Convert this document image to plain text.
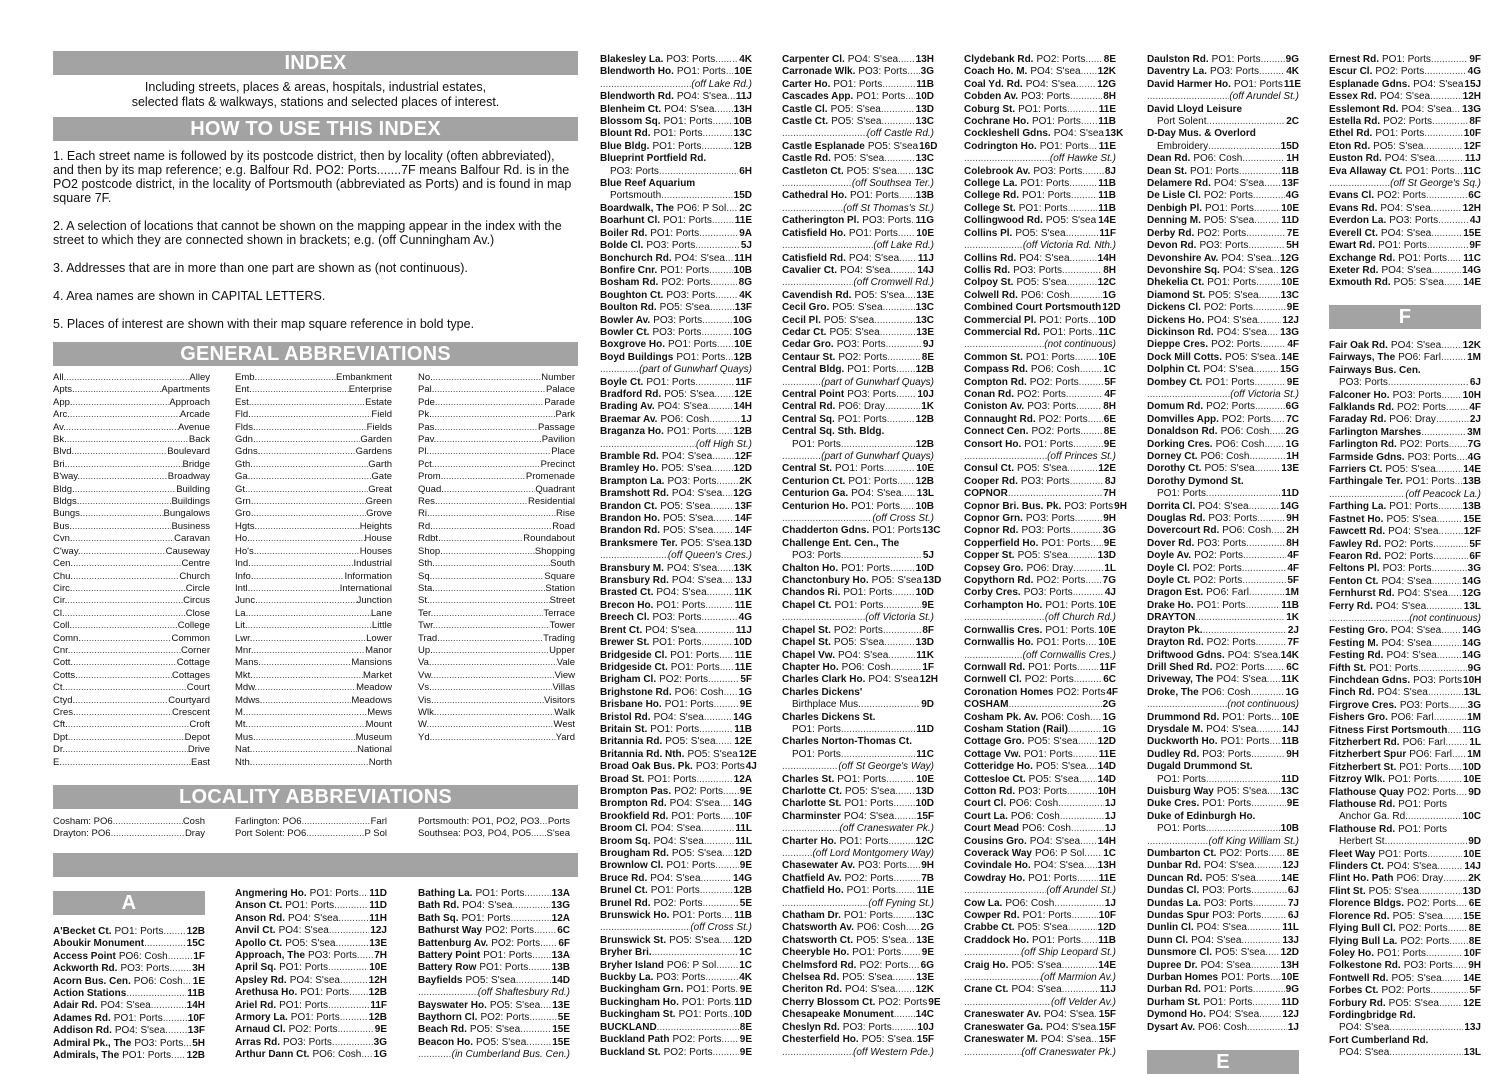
INDEX
Including streets, places & areas, hospitals, industrial estates,
selected flats & walkways, stations and selected places of interest.
HOW TO USE THIS INDEX

1. Each street name is followed by its postcode district, then by locality (often abbreviated), and then by its map reference; e.g. Balfour Rd. PO2: Ports.......7F means Balfour Rd. is in the PO2 postcode district, in the locality of Portsmouth (abbreviated as Ports) and is found in map square 7F.

2. A selection of locations that cannot be shown on the mapping appear in the index with the street to which they are connected shown in brackets; e.g. (off Cunningham Av.)

3. Addresses that are in more than one part are shown as (not continuous).

4. Area names are shown in CAPITAL LETTERS.

5. Places of interest are shown with their map square reference in bold type.

GENERAL ABBREVIATIONS
All. .....	Alley
Apts. .....	Apartments
App. .....	Approach
Arc. .....	Arcade
Av. .....	Avenue
Bk. .....	Back
Blvd. .....	Boulevard
Bri. .....	Bridge
B'way. .....	Broadway
Bldg. .....	Building
Bldgs. .....	Buildings
Bungs. .....	Bungalows
Bus. .....	Business
Cvn. .....	Caravan
C'way. .....	Causeway
Cen. .....	Centre
Chu. .....	Church
Circ. .....	Circle
Cir. .....	Circus
Cl. .....	Close
Coll. .....	College
Comn. .....	Common
Cnr. .....	Corner
Cott. .....	Cottage
Cotts. .....	Cottages
Ct. .....	Court
Ctyd. .....	Courtyard
Cres. .....	Crescent
Cft. .....	Croft
Dpt. .....	Depot
Dr. .....	Drive
E. .....	East
Emb. .....	Embankment
Ent. .....	Enterprise
Est. .....	Estate
Fld. .....	Field
Flds. .....	Fields
Gdn. .....	Garden
Gdns. .....	Gardens
Gth. .....	Garth
Ga. .....	Gate
Gt. .....	Great
Grn. .....	Green
Gro. .....	Grove
Hgts. .....	Heights
Ho. .....	House
Ho's. .....	Houses
Ind. .....	Industrial
Info. .....	Information
Intl. .....	International
Junc. .....	Junction
La. .....	Lane
Lit. .....	Little
Lwr. .....	Lower
Mnr. .....	Manor
Mans. .....	Mansions
Mkt. .....	Market
Mdw. .....	Meadow
Mdws. .....	Meadows
M. .....	Mews
Mt. .....	Mount
Mus. .....	Museum
Nat. .....	National
Nth. .....	North
No. .....	Number
Pal. .....	Palace
Pde. .....	Parade
Pk. .....	Park
Pas. .....	Passage
Pav. .....	Pavilion
Pl. .....	Place
Pct. .....	Precinct
Prom. .....	Promenade
Quad. .....	Quadrant
Res. .....	Residential
Ri. .....	Rise
Rd. .....	Road
Rdbt. .....	Roundabout
Shop. .....	Shopping
Sth. .....	South
Sq. .....	Square
Sta. .....	Station
St. .....	Street
Ter. .....	Terrace
Twr. .....	Tower
Trad. .....	Trading
Up. .....	Upper
Va. .....	Vale
Vw. .....	View
Vs. .....	Villas
Vis. .....	Visitors
Wlk. .....	Walk
W. .....	West
Yd. .....	Yard
LOCALITY ABBREVIATIONS
Cosham: PO6 .....	Cosh
Drayton: PO6 .....	Dray
Farlington: PO6 .....	Farl
Port Solent: PO6 .....	P Sol
Portsmouth: PO1, PO2, PO3 ..... Ports
Southsea: PO3, PO4, PO5 ..... S'sea
A
A'Becket Ct. PO1: Ports ..... 12B
Aboukir Monument .....	15C
Access Point PO6: Cosh .....	1F
Ackworth Rd. PO3: Ports ..... 3H
Acorn Bus. Cen. PO6: Cosh ..... 1E
Action Stations .....	11B
Adair Rd. PO4: S'sea .....	14H
Adames Rd. PO1: Ports .....	10F
Addison Rd. PO4: S'sea ..... 13F
Admiral Pk., The PO3: Ports ..... 5H
Admirals, The PO1: Ports ..... 12B
Angmering Ho. PO1: Ports ..... 11D
Anson Ct. PO1: Ports .....	11D
Anson Rd. PO4: S'sea .....	11H
Anvil Ct. PO4: S'sea .....	12J
Apollo Ct. PO5: S'sea .....	13E
Approach, The PO3: Ports ..... 7H
April Sq. PO1: Ports .....	10E
Apsley Rd. PO4: S'sea .....	12H
Arethusa Ho. PO1: Ports ..... 12B
Ariel Rd. PO1: Ports .....	11F
Armory La. PO1: Ports .....	12B
Arnaud Cl. PO2: Ports .....	9E
Arras Rd. PO3: Ports .....	3G
Arthur Dann Ct. PO6: Cosh ..... 1G
Bathing La. PO1: Ports .....	13A
Bath Rd. PO4: S'sea .....	13G
Bath Sq. PO1: Ports .....	12A
Bathurst Way PO2: Ports ..... 6C
Battenburg Av. PO2: Ports ..... 6F
Battery Point PO1: Ports ..... 13A
Battery Row PO1: Ports ..... 13B
Bayfields PO5: S'sea .....	14D
.....
(off Shaftesbury Rd.)
Bayswater Ho. PO5: S'sea ..... 13E
Baythorn Cl. PO2: Ports .....	5E
Beach Rd. PO5: S'sea .....	15E
Beacon Ho. PO5: S'sea .....	15E
.....
(in Cumberland Bus. Cen.)
Blakesley La. PO3: Ports ..... 4K
Blendworth Ho. PO1: Ports ..... 10E
.....
(off Lake Rd.)
Blendworth Rd. PO4: S'sea ..... 11J
Blenheim Ct. PO4: S'sea ..... 13H
Blossom Sq. PO1: Ports ..... 10B
Blount Rd. PO1: Ports .....	13C
Blue Bldg. PO1: Ports .....	12B
Blueprint Portfield Rd.
PO3: Ports .....	6H
Blue Reef Aquarium
Portsmouth .....	15D
Boardwalk, The PO6: P Sol ..... 2C
Boarhunt Cl. PO1: Ports ..... 11E
Boiler Rd. PO1: Ports .....	9A
Bolde Cl. PO3: Ports .....	5J
Bonchurch Rd. PO4: S'sea ..... 11H
Bonfire Cnr. PO1: Ports ..... 10B
Bosham Rd. PO2: Ports .....	8G
Boughton Ct. PO3: Ports ..... 4K
Boulton Rd. PO5: S'sea ..... 13F
Bowler Av. PO3: Ports .....	10G
Bowler Ct. PO3: Ports .....	10G
Boxgrove Ho. PO1: Ports ..... 10E
Boyd Buildings PO1: Ports ..... 12B
.....
(part of Gunwharf Quays)
Boyle Ct. PO1: Ports .....	11F
Bradford Rd. PO5: S'sea ..... 12E
Brading Av. PO4: S'sea .....	14H
Braemar Av. PO6: Cosh .....	1J
Braganza Ho. PO1: Ports ..... 12B
.....
(off High St.)
Bramble Rd. PO4: S'sea ..... 12F
Bramley Ho. PO5: S'sea ..... 12D
Brampton La. PO3: Ports ..... 2K
Bramshott Rd. PO4: S'sea ..... 12G
Brandon Ct. PO5: S'sea ..... 13F
Brandon Ho. PO5: S'sea ..... 14F
Brandon Rd. PO5: S'sea ..... 14F
Branksmere Ter. PO5: S'sea ..... 13D
.....
(off Queen's Cres.)
Bransbury M. PO4: S'sea ..... 13K
Bransbury Rd. PO4: S'sea ..... 13J
Brasted Ct. PO4: S'sea .....	11K
Brecon Ho. PO1: Ports .....	11E
Breech Cl. PO3: Ports .....	4G
Brent Ct. PO4: S'sea .....	11J
Brewer St. PO1: Ports .....	10D
Bridgeside Cl. PO1: Ports ..... 11E
Bridgeside Ct. PO1: Ports ..... 11E
Brigham Cl. PO2: Ports .....	5F
Brighstone Rd. PO6: Cosh ..... 1G
Brisbane Ho. PO1: Ports .....	9E
Bristol Rd. PO4: S'sea .....	14G
Britain St. PO1: Ports .....	11B
Britannia Rd. PO5: S'sea ..... 12E
Britannia Rd. Nth. PO5: S'sea 12E
Broad Oak Bus. Pk. PO3: Ports 4J
Broad St. PO1: Ports .....	12A
Brompton Pas. PO2: Ports ..... 9E
Brompton Rd. PO4: S'sea ..... 14G
Brookfield Rd. PO1: Ports ..... 10F
Broom Cl. PO4: S'sea .....	11L
Broom Sq. PO4: S'sea .....	11L
Brougham Rd. PO5: S'sea ..... 12D
Brownlow Cl. PO1: Ports ..... 9E
Bruce Rd. PO4: S'sea .....	14G
Brunel Ct. PO1: Ports .....	12B
Brunel Rd. PO2: Ports .....	5E
Brunswick Ho. PO1: Ports ..... 11B
.....
(off Cross St.)
Brunswick St. PO5: S'sea ..... 12D
Bryher Bri. .....	1C
Bryher Island PO6: P Sol ..... 1C
Buckby La. PO3: Ports .....	4K
Buckingham Grn. PO1: Ports ..... 9E
Buckingham Ho. PO1: Ports ..... 11D
Buckingham St. PO1: Ports ..... 10D
BUCKLAND .....	8E
Buckland Path PO2: Ports ..... 9E
Buckland St. PO2: Ports .....	9E
Carpenter Cl. PO4: S'sea ..... 13H
Carronade Wlk. PO3: Ports ..... 3G
Carter Ho. PO1: Ports .....	11B
Cascades App. PO1: Ports ..... 10D
Castle Cl. PO5: S'sea .....	13D
Castle Ct. PO5: S'sea .....	13C
.....
(off Castle Rd.)
Castle Esplanade PO5: S'sea 16D
Castle Rd. PO5: S'sea .....	13C
Castleton Ct. PO5: S'sea ..... 13C
.....
(off Southsea Ter.)
Cathedral Ho. PO1: Ports ..... 13B
.....
(off St Thomas's St.)
Catherington Pl. PO3: Ports ..... 11G
Catisfield Ho. PO1: Ports ..... 10E
.....
(off Lake Rd.)
Catisfield Rd. PO4: S'sea ..... 11J
Cavalier Ct. PO4: S'sea .....	14J
.....
(off Cromwell Rd.)
Cavendish Rd. PO5: S'sea ..... 13E
Cecil Gro. PO5: S'sea .....	13C
Cecil Pl. PO5: S'sea .....	13C
Cedar Ct. PO5: S'sea .....	13E
Cedar Gro. PO3: Ports .....	9J
Centaur St. PO2: Ports .....	8E
Central Bldg. PO1: Ports ..... 12B
.....
(part of Gunwharf Quays)
Central Point PO3: Ports ..... 10J
Central Rd. PO6: Dray .....	1K
Central Sq. PO1: Ports .....	12B
Central Sq. Sth. Bldg.
PO1: Ports .....	12B
.....
(part of Gunwharf Quays)
Central St. PO1: Ports .....	10E
Centurion Ct. PO1: Ports ..... 12B
Centurion Ga. PO4: S'sea ..... 13L
Centurion Ho. PO1: Ports ..... 10B
.....
(off Cross St.)
Chadderton Gdns. PO1: Ports 13C
Challenge Ent. Cen., The
PO3: Ports .....	5J
Chalton Ho. PO1: Ports .....	10D
Chanctonbury Ho. PO5: S'sea 13D
Chandos Ri. PO1: Ports ..... 10D
Chapel Ct. PO1: Ports .....	9E
.....
(off Victoria St.)
Chapel St. PO2: Ports .....	8F
Chapel St. PO5: S'sea .....	13D
Chapel Vw. PO4: S'sea .....	11K
Chapter Ho. PO6: Cosh .....	1F
Charles Clark Ho. PO4: S'sea 12H
Charles Dickens'
Birthplace Mus. .....	9D
Charles Dickens St.
PO1: Ports .....	11D
Charles Norton-Thomas Ct.
PO1: Ports .....	11C
.....
(off St George's Way)
Charles St. PO1: Ports .....	10E
Charlotte Ct. PO5: S'sea ..... 13D
Charlotte St. PO1: Ports ..... 10D
Charminster PO4: S'sea ..... 15F
.....
(off Craneswater Pk.)
Charter Ho. PO1: Ports .....	12C
.....
(off Lord Montgomery Way)
Chasewater Av. PO3: Ports ..... 9H
Chatfield Av. PO2: Ports .....	7B
Chatfield Ho. PO1: Ports ..... 11E
.....
(off Fyning St.)
Chatham Dr. PO1: Ports ..... 13C
Chatsworth Av. PO6: Cosh ..... 2G
Chatsworth Ct. PO5: S'sea ..... 13E
Cheeryble Ho. PO1: Ports ..... 9E
Chelmsford Rd. PO2: Ports ..... 6G
Chelsea Rd. PO5: S'sea ..... 13E
Cheriton Rd. PO4: S'sea ..... 12K
Cherry Blossom Ct. PO2: Ports 9E
Chesapeake Monument ..... 14C
Cheslyn Rd. PO3: Ports .....	10J
Chesterfield Ho. PO5: S'sea ..... 15F
.....
(off Western Pde.)
Clydebank Rd. PO2: Ports ..... 8E
Coach Ho. M. PO4: S'sea ..... 12K
Coal Yd. Rd. PO4: S'sea ..... 12G
Cobden Av. PO3: Ports .....	8H
Coburg St. PO1: Ports .....	11E
Cochrane Ho. PO1: Ports ..... 11B
Cockleshell Gdns. PO4: S'sea 13K
Codrington Ho. PO1: Ports ..... 11E
.....
(off Hawke St.)
Colebrook Av. PO3: Ports ..... 8J
College La. PO1: Ports .....	11B
College Rd. PO1: Ports .....	11B
College St. PO1: Ports .....	11B
Collingwood Rd. PO5: S'sea ..... 14E
Collins Pl. PO5: S'sea .....	11F
.....
(off Victoria Rd. Nth.)
Collins Rd. PO4: S'sea .....	14H
Collis Rd. PO3: Ports .....	8H
Colpoy St. PO5: S'sea .....	12C
Colwell Rd. PO6: Cosh .....	1G
Combined Court Portsmouth 12D
Commercial Pl. PO1: Ports ..... 10D
Commercial Rd. PO1: Ports ..... 11C
.....
(not continuous)
Common St. PO1: Ports ..... 10E
Compass Rd. PO6: Cosh ..... 1C
Compton Rd. PO2: Ports .....	5F
Conan Rd. PO2: Ports .....	4F
Coniston Av. PO3: Ports .....	8H
Connaught Rd. PO2: Ports ..... 6E
Connect Cen. PO2: Ports ..... 8E
Consort Ho. PO1: Ports .....	9E
.....
(off Princes St.)
Consul Ct. PO5: S'sea .....	12E
Cooper Rd. PO3: Ports .....	8J
COPNOR .....	7H
Copnor Bri. Bus. Pk. PO3: Ports 9H
Copnor Grn. PO3: Ports .....	9H
Copnor Rd. PO3: Ports .....	3G
Copperfield Ho. PO1: Ports ..... 9E
Copper St. PO5: S'sea .....	13D
Copsey Gro. PO6: Dray .....	1L
Copythorn Rd. PO2: Ports ..... 7G
Corby Cres. PO3: Ports .....	4J
Corhampton Ho. PO1: Ports ..... 10E
.....
(off Church Rd.)
Cornwallis Cres. PO1: Ports ..... 10E
Cornwallis Ho. PO1: Ports ..... 10E
.....
(off Cornwallis Cres.)
Cornwall Rd. PO1: Ports ..... 11F
Cornwell Cl. PO2: Ports .....	6C
Coronation Homes PO2: Ports 4F
COSHAM .....	2G
Cosham Pk. Av. PO6: Cosh ..... 1G
Cosham Station (Rail) .....	1G
Cottage Gro. PO5: S'sea ..... 12D
Cottage Vw. PO1: Ports .....	11E
Cotteridge Ho. PO5: S'sea ..... 14D
Cottesloe Ct. PO5: S'sea ..... 14D
Cotton Rd. PO3: Ports .....	10H
Court Cl. PO6: Cosh .....	1J
Court La. PO6: Cosh .....	1J
Court Mead PO6: Cosh .....	1J
Cousins Gro. PO4: S'sea ..... 14H
Coverack Way PO6: P Sol ..... 1C
Covindale Ho. PO4: S'sea ..... 13H
Cowdray Ho. PO1: Ports ..... 11E
.....
(off Arundel St.)
Cow La. PO6: Cosh .....	1J
Cowper Rd. PO1: Ports .....	10F
Crabbe Ct. PO5: S'sea .....	12D
Craddock Ho. PO1: Ports ..... 11B
.....
(off Ship Leopard St.)
Craig Ho. PO5: S'sea .....	14E
.....
(off Marmion Av.)
Crane Ct. PO4: S'sea .....	11J
.....
(off Velder Av.)
Craneswater Av. PO4: S'sea ..... 15F
Craneswater Ga. PO4: S'sea ..... 15F
Craneswater M. PO4: S'sea ..... 15F
.....
(off Craneswater Pk.)
Daulston Rd. PO1: Ports .....	9G
Daventry La. PO3: Ports .....	4K
David Harmer Ho. PO1: Ports 11E
.....
(off Arundel St.)
David Lloyd Leisure
Port Solent .....	2C
D-Day Mus. & Overlord
Embroidery .....	15D
Dean Rd. PO6: Cosh .....	1H
Dean St. PO1: Ports .....	11B
Delamere Rd. PO4: S'sea ..... 13F
De Lisle Cl. PO2: Ports .....	4G
Denbigh Pl. PO1: Ports .....	10E
Denning M. PO5: S'sea .....	11D
Derby Rd. PO2: Ports .....	7E
Devon Rd. PO3: Ports .....	5H
Devonshire Av. PO4: S'sea ..... 12G
Devonshire Sq. PO4: S'sea ..... 12G
Dhekelia Ct. PO1: Ports .....	10E
Diamond St. PO5: S'sea ..... 13C
Dickens Cl. PO2: Ports .....	9E
Dickens Ho. PO4: S'sea ..... 12J
Dickinson Rd. PO4: S'sea ..... 13G
Dieppe Cres. PO2: Ports .....	4F
Dock Mill Cotts. PO5: S'sea ..... 14E
Dolphin Ct. PO4: S'sea .....	15G
Dombey Ct. PO1: Ports .....	9E
.....
(off Victoria St.)
Domum Rd. PO2: Ports .....	6G
Domvilles App. PO2: Ports ..... 7C
Donaldson Rd. PO6: Cosh ..... 2G
Dorking Cres. PO6: Cosh ..... 1G
Dorney Ct. PO6: Cosh .....	1H
Dorothy Ct. PO5: S'sea .....	13E
Dorothy Dymond St.
PO1: Ports .....	11D
Dorrita Cl. PO4: S'sea .....	14G
Douglas Rd. PO3: Ports .....	9H
Dovercourt Rd. PO6: Cosh ..... 2H
Dover Rd. PO3: Ports .....	8H
Doyle Av. PO2: Ports .....	4F
Doyle Cl. PO2: Ports .....	4F
Doyle Ct. PO2: Ports .....	5F
Dragon Est. PO6: Farl .....	1M
Drake Ho. PO1: Ports .....	11B
DRAYTON .....	1K
Drayton Pk. .....	2J
Drayton Rd. PO2: Ports .....	7F
Driftwood Gdns. PO4: S'sea ..... 14K
Drill Shed Rd. PO2: Ports ..... 6C
Driveway, The PO4: S'sea ..... 11K
Droke, The PO6: Cosh .....	1G
.....
(not continuous)
Drummond Rd. PO1: Ports ..... 10E
Drysdale M. PO4: S'sea .....	14J
Duckworth Ho. PO1: Ports ..... 11B
Dudley Rd. PO3: Ports .....	9H
Dugald Drummond St.
PO1: Ports .....	11D
Duisburg Way PO5: S'sea ..... 13C
Duke Cres. PO1: Ports .....	9E
Duke of Edinburgh Ho.
PO1: Ports .....	10B
.....
(off King William St.)
Dumbarton Ct. PO2: Ports ..... 8E
Dunbar Rd. PO4: S'sea .....	12J
Duncan Rd. PO5: S'sea .....	14E
Dundas Cl. PO3: Ports .....	6J
Dundas La. PO3: Ports .....	7J
Dundas Spur PO3: Ports .....	6J
Dunlin Cl. PO4: S'sea .....	11L
Dunn Cl. PO4: S'sea .....	13J
Dunsmore Cl. PO5: S'sea ..... 12D
Dupree Dr. PO4: S'sea .....	13H
Durban Homes PO1: Ports ..... 10E
Durban Rd. PO1: Ports .....	9G
Durham St. PO1: Ports .....	11D
Dymond Ho. PO4: S'sea ..... 12J
Dysart Av. PO6: Cosh .....	1J
E
Ernest Rd. PO1: Ports .....	9F
Escur Cl. PO2: Ports .....	4G
Esplanade Gdns. PO4: S'sea 15J
Essex Rd. PO4: S'sea .....	12H
Esslemont Rd. PO4: S'sea ..... 13G
Estella Rd. PO2: Ports .....	8F
Ethel Rd. PO1: Ports .....	10F
Eton Rd. PO5: S'sea .....	12F
Euston Rd. PO4: S'sea .....	11J
Eva Allaway Ct. PO1: Ports ..... 11C
.....
(off St George's Sq.)
Evans Cl. PO2: Ports .....	6C
Evans Rd. PO4: S'sea .....	12H
Everdon La. PO3: Ports .....	4J
Everell Ct. PO4: S'sea .....	15E
Ewart Rd. PO1: Ports .....	9F
Exchange Rd. PO1: Ports ..... 11C
Exeter Rd. PO4: S'sea .....	14G
Exmouth Rd. PO5: S'sea ..... 14E
F
Fair Oak Rd. PO4: S'sea ..... 12K
Fairways, The PO6: Farl .....	1M
Fairways Bus. Cen.
PO3: Ports .....	6J
Falconer Ho. PO3: Ports ..... 10H
Falklands Rd. PO2: Ports ..... 4F
Faraday Rd. PO6: Dray .....	2J
Farlington Marshes .....	3M
Farlington Rd. PO2: Ports ..... 7G
Farmside Gdns. PO3: Ports ..... 4G
Farriers Ct. PO5: S'sea .....	14E
Farthingale Ter. PO1: Ports ..... 13B
.....
(off Peacock La.)
Farthing La. PO1: Ports ..... 13B
Fastnet Ho. PO5: S'sea .....	15E
Fawcett Rd. PO4: S'sea .....	12F
Fawley Rd. PO2: Ports .....	5F
Fearon Rd. PO2: Ports .....	6F
Feltons Pl. PO3: Ports .....	3G
Fenton Ct. PO4: S'sea .....	14G
Fernhurst Rd. PO4: S'sea ..... 12G
Ferry Rd. PO4: S'sea .....	13L
.....
(not continuous)
Festing Gro. PO4: S'sea ..... 14G
Festing M. PO4: S'sea .....	14G
Festing Rd. PO4: S'sea .....	14G
Fifth St. PO1: Ports .....	9G
Finchdean Gdns. PO3: Ports 10H
Finch Rd. PO4: S'sea .....	13L
Firgrove Cres. PO3: Ports ..... 3G
Fishers Gro. PO6: Farl .....	1M
Fitness First Portsmouth ..... 11G
Fitzherbert Rd. PO6: Farl ..... 1L
Fitzherbert Spur PO6: Farl ..... 1M
Fitzherbert St. PO1: Ports ..... 10D
Fitzroy Wlk. PO1: Ports .....	10E
Flathouse Quay PO2: Ports ..... 9D
Flathouse Rd. PO1: Ports
Anchor Ga. Rd. .....	10C
Flathouse Rd. PO1: Ports
Herbert St. .....	9D
Fleet Way PO1: Ports .....	10E
Flinders Ct. PO4: S'sea .....	14J
Flint Ho. Path PO6: Dray .....	2K
Flint St. PO5: S'sea .....	13D
Florence Bldgs. PO2: Ports ..... 6E
Florence Rd. PO5: S'sea ..... 15E
Flying Bull Cl. PO2: Ports ..... 8E
Flying Bull La. PO2: Ports ..... 8E
Foley Ho. PO1: Ports .....	10F
Folkestone Rd. PO3: Ports ..... 9H
Fontwell Rd. PO5: S'sea ..... 14E
Forbes Ct. PO2: Ports .....	5F
Forbury Rd. PO5: S'sea ..... 12E
Fordingbridge Rd.
PO4: S'sea .....	13J
Fort Cumberland Rd.
PO4: S'sea .....	13L
